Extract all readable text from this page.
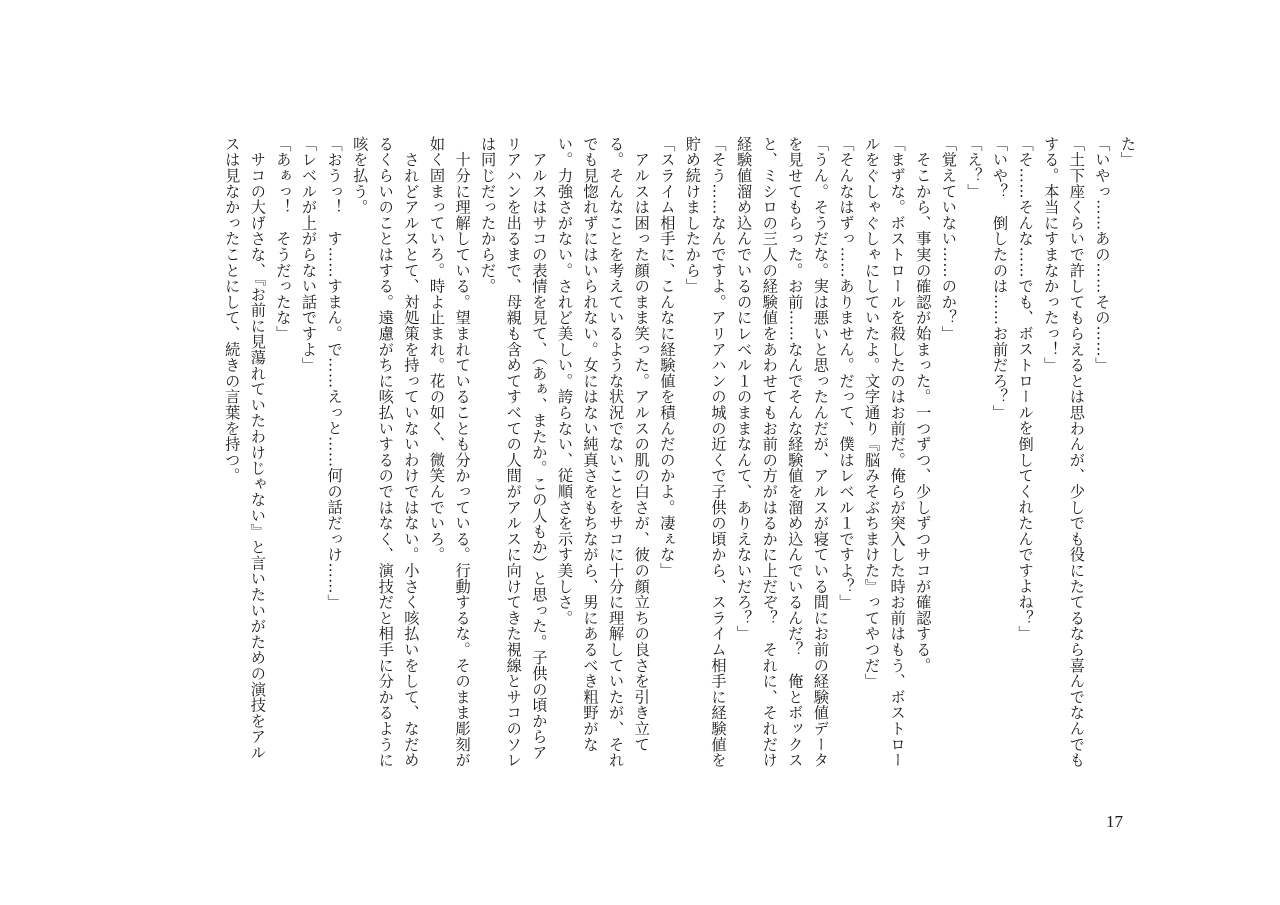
た」

「いやっ……あの……その……」

「土下座くらいで許してもらえるとは思わんが、少しでも役にたてるなら喜んでなんでもする。本当にすまなかったっ！」

「そ……そんな……でも、ボストロールを倒してくれたんですよね？」

「いや？　倒したのは……お前だろ？」

「え？」

「覚えていない……のか？」

　そこから、事実の確認が始まった。一つずつ、少しずつサコが確認する。

「まずな。ボストロールを殺したのはお前だ。俺らが突入した時お前はもう、ボストロールをぐしゃぐしゃにしていたよ。文字通り『脳みそぶちまけた』ってやつだ」

「そんなはずっ……ありません。だって、僕はレベル１ですよ？」

「うん。そうだな。実は悪いと思ったんだが、アルスが寝ている間にお前の経験値データを見せてもらった。お前……なんでそんな経験値を溜め込んでいるんだ？　俺とボックスと、ミシロの三人の経験値をあわせてもお前の方がはるかに上だぞ？　それに、それだけ経験値溜め込んでいるのにレベル１のままなんて、ありえないだろ？」

「そう……なんですよ。アリアハンの城の近くで子供の頃から、スライム相手に経験値を貯め続けましたから」

「スライム相手に、こんなに経験値を積んだのかよ。凄ぇな」

　アルスは困った顔のまま笑った。アルスの肌の白さが、彼の顔立ちの良さを引き立てる。そんなことを考えているような状況でないことをサコに十分に理解していたが、それでも見惚れずにはいられない。女にはない純真さをもちながら、男にあるべき粗野がない。力強さがない。されど美しい。誇らない、従順さを示す美しさ。

　アルスはサコの表情を見て、（あぁ、またか。この人もか）と思った。子供の頃からアリアハンを出るまで、母親も含めてすべての人間がアルスに向けてきた視線とサコのソレは同じだったからだ。

　十分に理解している。望まれていることも分かっている。行動するな。そのまま彫刻が如く固まっていろ。時よ止まれ。花の如く、微笑んでいろ。

　されどアルスとて、対処策を持っていないわけではない。小さく咳払いをして、なだめるくらいのことはする。遠慮がちに咳払いするのではなく、演技だと相手に分かるように咳を払う。

「おうっ！　す……すまん。で……えっと……何の話だっけ……」

「レベルが上がらない話ですよ」

「あぁっ！　そうだったな」

　サコの大げさな、『お前に見蕩れていたわけじゃない』と言いたいがための演技をアルスは見なかったことにして、続きの言葉を持つ。

17
